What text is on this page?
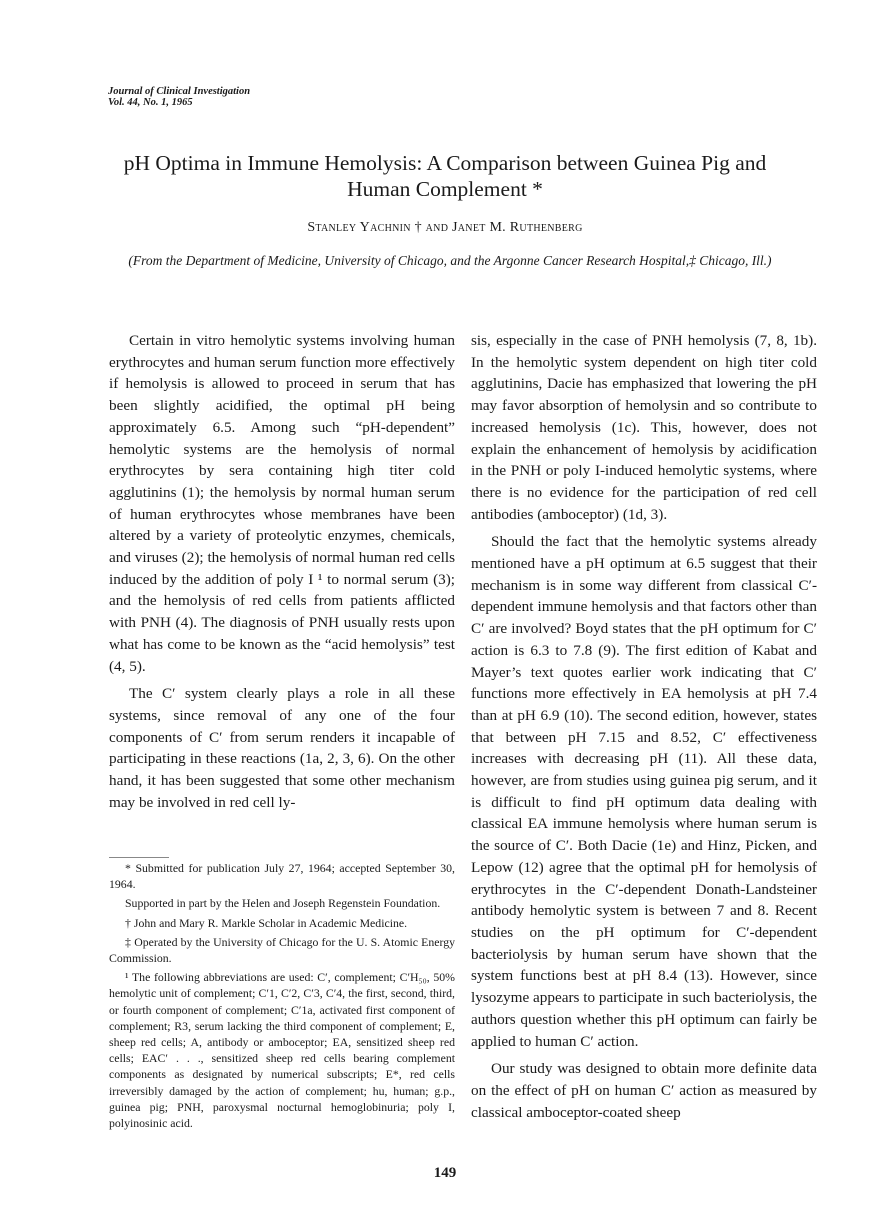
Journal of Clinical Investigation
Vol. 44, No. 1, 1965
pH Optima in Immune Hemolysis: A Comparison between Guinea Pig and Human Complement *
Stanley Yachnin † and Janet M. Ruthenberg
(From the Department of Medicine, University of Chicago, and the Argonne Cancer Research Hospital,‡ Chicago, Ill.)

Certain in vitro hemolytic systems involving human erythrocytes and human serum function more effectively if hemolysis is allowed to proceed in serum that has been slightly acidified, the optimal pH being approximately 6.5. Among such “pH-dependent” hemolytic systems are the hemolysis of normal erythrocytes by sera containing high titer cold agglutinins (1); the hemolysis by normal human serum of human erythrocytes whose membranes have been altered by a variety of proteolytic enzymes, chemicals, and viruses (2); the hemolysis of normal human red cells induced by the addition of poly I ¹ to normal serum (3); and the hemolysis of red cells from patients afflicted with PNH (4). The diagnosis of PNH usually rests upon what has come to be known as the “acid hemolysis” test (4, 5).

The C′ system clearly plays a role in all these systems, since removal of any one of the four components of C′ from serum renders it incapable of participating in these reactions (1a, 2, 3, 6). On the other hand, it has been suggested that some other mechanism may be involved in red cell ly-

sis, especially in the case of PNH hemolysis (7, 8, 1b). In the hemolytic system dependent on high titer cold agglutinins, Dacie has emphasized that lowering the pH may favor absorption of hemolysin and so contribute to increased hemolysis (1c). This, however, does not explain the enhancement of hemolysis by acidification in the PNH or poly I-induced hemolytic systems, where there is no evidence for the participation of red cell antibodies (amboceptor) (1d, 3).

Should the fact that the hemolytic systems already mentioned have a pH optimum at 6.5 suggest that their mechanism is in some way different from classical C′-dependent immune hemolysis and that factors other than C′ are involved? Boyd states that the pH optimum for C′ action is 6.3 to 7.8 (9). The first edition of Kabat and Mayer’s text quotes earlier work indicating that C′ functions more effectively in EA hemolysis at pH 7.4 than at pH 6.9 (10). The second edition, however, states that between pH 7.15 and 8.52, C′ effectiveness increases with decreasing pH (11). All these data, however, are from studies using guinea pig serum, and it is difficult to find pH optimum data dealing with classical EA immune hemolysis where human serum is the source of C′. Both Dacie (1e) and Hinz, Picken, and Lepow (12) agree that the optimal pH for hemolysis of erythrocytes in the C′-dependent Donath-Landsteiner antibody hemolytic system is between 7 and 8. Recent studies on the pH optimum for C′-dependent bacteriolysis by human serum have shown that the system functions best at pH 8.4 (13). However, since lysozyme appears to participate in such bacteriolysis, the authors question whether this pH optimum can fairly be applied to human C′ action.

Our study was designed to obtain more definite data on the effect of pH on human C′ action as measured by classical amboceptor-coated sheep

* Submitted for publication July 27, 1964; accepted September 30, 1964.

Supported in part by the Helen and Joseph Regenstein Foundation.

† John and Mary R. Markle Scholar in Academic Medicine.

‡ Operated by the University of Chicago for the U. S. Atomic Energy Commission.

¹ The following abbreviations are used: C′, complement; C′H₅₀, 50% hemolytic unit of complement; C′1, C′2, C′3, C′4, the first, second, third, or fourth component of complement; C′1a, activated first component of complement; R3, serum lacking the third component of complement; E, sheep red cells; A, antibody or amboceptor; EA, sensitized sheep red cells; EAC′ . . ., sensitized sheep red cells bearing complement components as designated by numerical subscripts; E*, red cells irreversibly damaged by the action of complement; hu, human; g.p., guinea pig; PNH, paroxysmal nocturnal hemoglobinuria; poly I, polyinosinic acid.

149
